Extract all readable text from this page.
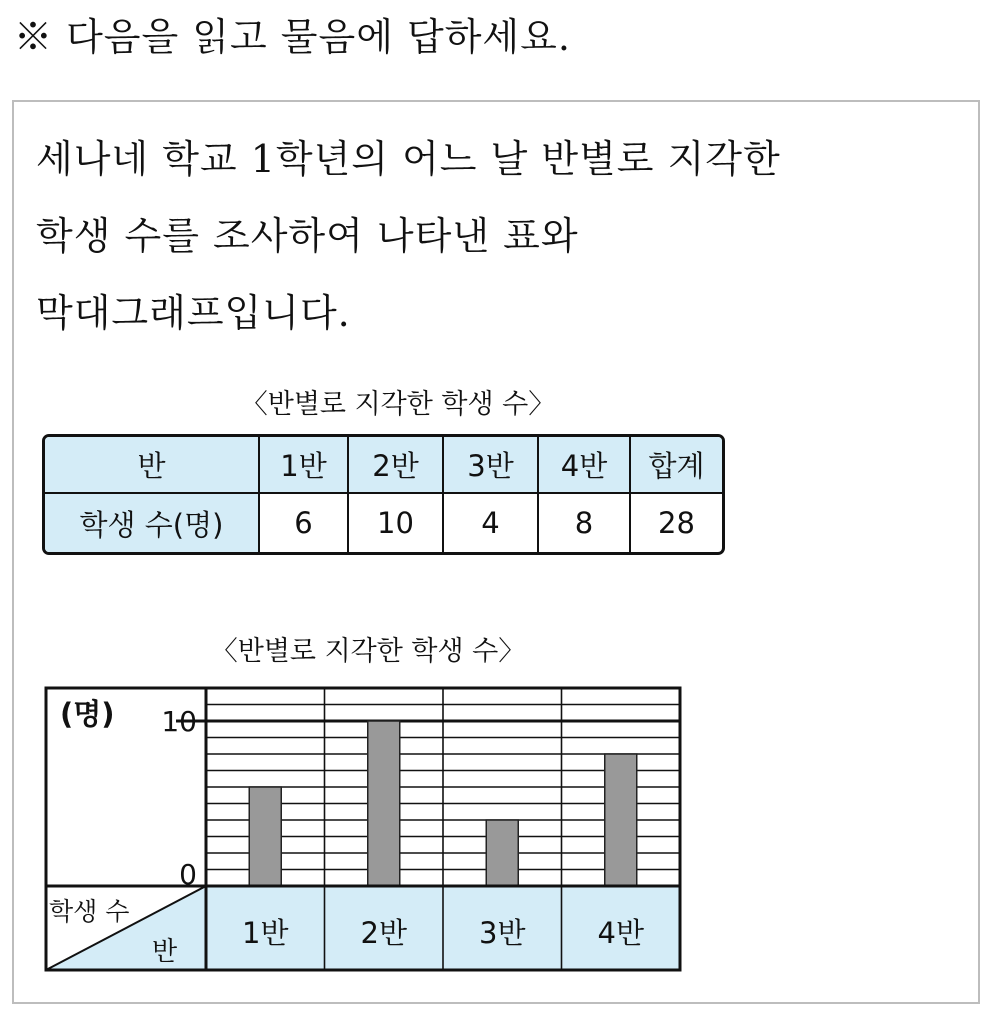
※ 다음을 읽고 물음에 답하세요.

세나네 학교 1학년의 어느 날 반별로 지각한

학생 수를 조사하여 나타낸 표와

막대그래프입니다.

〈반별로 지각한 학생 수〉
반	1반	2반	3반	4반	합계
학생 수(명)	6	10	4	8	28
〈반별로 지각한 학생 수〉
(명) 10
0
학생 수
반
1반 2반 3반 4반
